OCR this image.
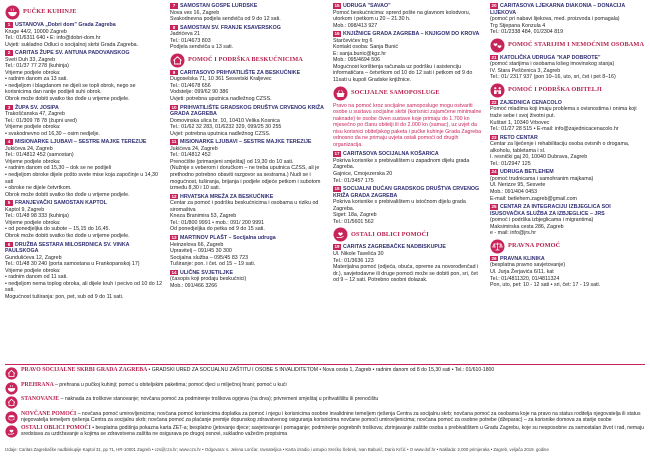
PUČKE KUHINJE
1 USTANOVA „Dobri dom" Grada Zagreba
Kruge 44/2, 10000 Zagreb
Tel.: 01/6311 640 • E: info@dobri-dom.hr
Uvjeti: sukladno Odluci o socijalnoj skrbi Grada Zagreba.
2 CARITAS ŽUPE SV. ANTUNA PADOVANSKOG
Sveti Duh 33, Zagreb
Tel.: 01/37 77 278 (kuhinja)
Vrijeme podjele obroka:
• radnim danom za 13 sati.
• nedjeljom i blagdanom ne dijeli se topli obrok, nego se korisnicima dan ranije podijeli suhi obrok.
Obrok može dobiti svatko tko dođe u vrijeme podjele.
3 ŽUPA SV. JOSIPA
Trakoščanska 47, Zagreb
Tel.: 01/309 78 78 (župni ured)
Vrijeme podjele obroka:
• svakodnevno od 16,30 – osim nedjelje.
4 MISIONARKE LJUBAVI – SESTRE MAJKE TEREZIJE
Jukićeva 24, Zagreb
Tel.: 01/4812 452 (samostan)
Vrijeme podjele obroka:
• radnim danom od 15,30 – dok se ne podijeli
• nedjeljom obroke dijele pošto svete mise koja započinje u 14,30 sati
• obroke ne dijele četvrtkom.
Obrok može dobiti svatko tko dođe u vrijeme podjele.
5 FRANJEVAČKI SAMOSTAN KAPTOL
Kaptol 9, Zagreb
Tel.: 01/48 98 333 (kuhinja)
Vrijeme podjele obroka:
• od ponedjeljka do subote – 15,15 do 16,45.
Obrok može dobiti svatko tko dođe u vrijeme podjele.
6 DRUŽBA SESTARA MILOSRDNICA SV. VINKA PAULSKOGA
Gundulićeva 12, Zagreb
Tel.: 01/48 30 240 (porta samostana u Frankopanskoj 17)
Vrijeme podjele obroka:
• radnim danom od 11 sati.
• nedjeljom nema toplog obroka, ali dijele kruh i pecivo od 10 do 12 sati.
Mogućnost tuširanja: pon, pet, sub od 9 do 11 sati.
7 SAMOSTAN GOSPE LURDSKE
Nova ves 16, Zagreb
Svakodnevna podjela sendviča od 9 do 12 sati.
8 SAMOSTAN SV. FRANJE KSAVERSKOG
Jadrićeva 21
Tel.: 01/4673 803
Podjela sendviča u 13 sati.
POMOĆ I PODRŠKA BESKUĆNICIMA
9 CARITASOVO PRIHVATILIŠTE ZA BESKUĆNIKE
Dugoselska 71, 10 361 Sesvetski Kraljevec
Tel.: 01/4678 656
Vodstelje: 099/62 90 386
Uvjeti: potrebna uputnica nadležnog CZSS.
10 PRIHVATILIŠTE GRADSKOG DRUŠTVA CRVENOG KRIŽA GRADA ZAGREBA
Domovinska ulica br. 10, 10410 Velika Kosnica
Tel.: 01/62 32 283, 01/6232 329, 099/25 30 255
Uvjet: potrebna uputnica nadležnog CZSS.
11 MISIONARKE LJUBAVI – SESTRE MAJKE TEREZIJE
Jukićeva 24, Zagreb
Tel.: 01/4812 452
Prenoćište (primanjeni smještaj) od 19,30 do 10 sati.
(Nužnije s veberom i doručkom – ne treba uputnica CZSS, ali je prethodno potrebno obaviti razgovor sa sestrama.) Nudi se i mogućnost, tuširanja, brijanja i podjele odjeće petkom i subotom između 8,30 i 10 sati.
12 HRVATSKA MREŽA ZA BESKUĆNIKE
Centar za pomoć i podršku beskućnicima i osobama u riziku od siromaštva
Kneza Branimira 53, Zagreb
Tel.: 01/800 9991 • mob.: 091/ 200 9991
Od ponedjeljka do petka od 9 do 15 sati.
13 MARTINOV PLAŠT – Socijalna udruga
Heinzelova 66, Zagreb
Upravitelj – 091/45 30 300
Socijalna služba – 095/45 83 723
Tuširanje: pon. i čet. od 15 – 19 sati.
14 ULIČNE SVJETILJKE
(časopis koji prodaju beskućnici)
Mob.: 091/466 3266
15 UDRUGA "SAVAO"
Pomoć beskućnicima: sprerd pošte na glavnom kolodvoru, utorkom i petkom u 20 – 21.30 h.
Mob.: 098/413 927
16 KNJIŽNICE GRADA ZAGREBA – KNJIGOM DO KROVA
Starčevićev trg 6
Kontakt osoba: Sanja Bunić
E: sanja.bunic@kgz.hr
Mob.: 095/4694 506
Mogućnost korištenja računala uz podršku i asistenciju informatičara – četvrtkom od 10 do 12 sati i petkom od 9 do 11sati u kupoli Gradske knjižnice.
SOCIJALNE SAMOPOSLUGE
Pravo na pomoć kroz socijalne samoposluge mogu ostvariti osobe u sustavu socijalne skrbi (korisnici zajamčene minimalne naknade) te osobe čiven sustave koje primaju do 1.700 kn mjesečno po članu obitelji ili do 2.000 kn (samac), uz uvjet da nisu korisnici obiteljskog paketa i pučke kuhinje Grada Zagreba odnosno da ne primaju uvjeta ostali pomoći od drugih organizacija.
17 CARITASOVA SOCIJALNA KOŠARICA
Pokrivа korisnike s prebivalištem u zapadnom dijelu grada Zagreba.
Gajnice, Cmojezerska 20
Tel.: 01/3457 175
18 SOCIJALNI DUĆAN GRADSKOG DRUŠTVA CRVENOG KRIŽA GRADA ZAGREBA
Pokrivа korisnike s prebivalištem u istočnom dijelu grada Zagreba.
Siget: 18a, Zagreb
Tel.: 01/5601 562
OSTALI OBLICI POMOĆI
19 CARITAS ZAGREBAČKE NADBISKUPIJE
Ul. Nikole Tavelića 30
Tel.: 01/3636 123
Materijalna pomoć (odjeća, obuća, opreme za novorođenčad i dr.), savjetodavne ili druge pomoći može se dobiti pon, sri, čet od 9 – 12 sati. Potrebno osobni dolazak.
20 CARITASOVA LJEKARNA DIAKONIA – DONACIJA LIJEKOVA
(pomoć pri nabavi lijekova, med. proizvoda i pomagala)
Trg Stjepana Konzula 4
Tel.: 01/2338 484, 01/2304 819
POMOĆ STARIJIM I NEMOĆNIM OSOBAMA
21 KATOLIČKA UDRUGA "KAP DOBROTE"
(pomoć starijima i osobama lošeg imovinskog stanja)
IV. Stara Peščenica 3, Zagreb
Tel.: 01/ 2317 937 (pon 10–16, uto, sri, čet i pet 8–16)
POMOĆ I PODRŠKA OBITELJI
22 ZAJEDNICA CENACOLO
Pomoć mladima koji imaju problema s ovisnostima i onima koji traže sebe i svoj životni put.
Kuštari 1, 10340 Vrbovec
Tel.: 01/27 28 515 • E-mail: info@zajednicacenacolo.hr
23 RETO CENTAR
Centar za liječenje i rehabilitaciju osoba ovisnih o drogama, alkoholu, tabletama i sl.
I. resnički gaj 20, 10040 Dubrava, Zagreb
Tel.: 01/2947 125
24 UDRUGA BETLEHEM
(pomoć trudnicama i samohranim majkama)
Ul. Nerizze 95, Sesvete
Mob.: 091/404 0453
E-mail: betlehem.zagreb@gmail.com
25 CENTAR ZA INTEGRACIJU IZBJEGLICA SOI ISUSOVAČKA SLUŽBA ZA IZBJEGLICE – JRS
(pomoć i podrška izbjeglicama i migrantima)
Maksimirska cesta 286, Zagreb
e - mail: info@jrs.hr
PRAVNA POMOĆ
26 PRAVNA KLINIKA
(besplatna pravno savjetovanje)
Ul. Jurja Žerjavića 6/11. kat
Tel.: 01/4811320, 01/4811324
Pon, uto, pet: 10 - 12 sati • sri, čet: 17 - 19 sati.
PRAVO SOCIJALNE SKRBI GRADA ZAGREBA • GRADSKI URED ZA SOCIJALNU ZAŠTITU I OSOBE S INVALIDITETOM • Nova cesta 1, Zagreb • radnim danom od 8 do 15,30 sati • Tel.: 01/610-1800
PREHRANA – prehrana u pučkoj kuhinji; pomoć u obiteljskim paketima; pomoć djeci u mliječnoj hrani; pomoć u kući
STANOVANJE – naknada za troškove stanovanje; novčana pomoć za podmirenje troškova ogrjeva (na drva); privremeni smještaj u prihvatilištu ili prenoćištu
NOVČANE POMOĆI – novčana pomoć umirovljenicima; novčana pomoć korisnicima doplatka za pomoć i njegu i korisnicima osobne invalidnine temeljem rješenja Centra za socijalnu skrb; novčana pomoć za osobama koje na pravo na status roditelja njegovatelja ili status njegovatelja temeljem rješenja Centra za socijalnu skrb; novčana pomoć za plaćanje premije dopunskog zdravstvenog osiguranja korisnicima novčane pomoći umirovljenicima; novčana pomoć za osobne potrebe (džeparac) – za korisnike domova za starije osobe
OSTALI OBLICI POMOĆI • besplatna godišnja pokazna karta ZET-a; besplatno (jetovanje djece; savjetovanje i pomaganje; podmirenje pogrebnih troškova; zbrinjavanje zaštite osoba s prebivalištem u Gradu Zagrebu, koje su nesposobne za samostalan život i rad, nemaju sredstava za uzdržavanje a kojima se zdravstvena zaštita ne osigurava po drugoj osnovi, sukladno važećim propisima
Izdaje: Caritas Zagrebačke nadbiskupije Kaptol 31, pp 71, HR-10001 Zagreb • czs@czs.hr; www.czs.hr • Odgovara: s. Jelena Lončar, ravnateljica • Karta izradio i ustupio Srećko Šebrek, Ivan Baburić, Dario Krčić • O www.dof.hr • Naklada: 2.000 primjeraka • Zagreb, veljača 2019. godine
